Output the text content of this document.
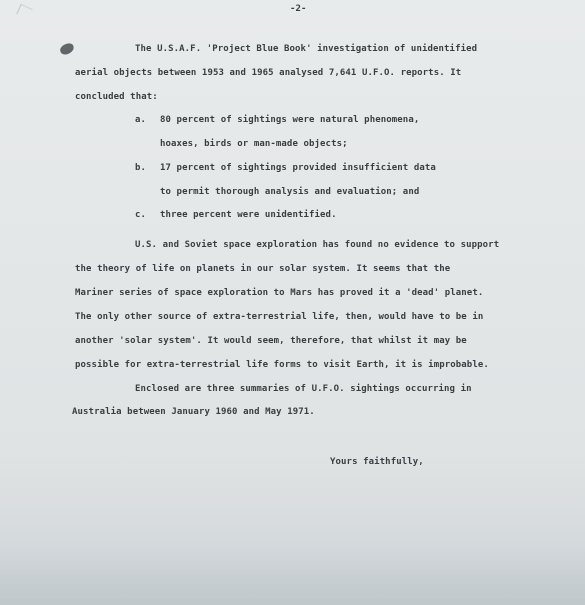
-2-
The U.S.A.F. 'Project Blue Book' investigation of unidentified
aerial objects between 1953 and 1965 analysed 7,641 U.F.O. reports. It
concluded that:
a. 80 percent of sightings were natural phenomena,
hoaxes, birds or man-made objects;
b. 17 percent of sightings provided insufficient data
to permit thorough analysis and evaluation; and
c. three percent were unidentified.
U.S. and Soviet space exploration has found no evidence to support
the theory of life on planets in our solar system. It seems that the
Mariner series of space exploration to Mars has proved it a 'dead' planet.
The only other source of extra-terrestrial life, then, would have to be in
another 'solar system'. It would seem, therefore, that whilst it may be
possible for extra-terrestrial life forms to visit Earth, it is improbable.
Enclosed are three summaries of U.F.O. sightings occurring in
Australia between January 1960 and May 1971.
Yours faithfully,
